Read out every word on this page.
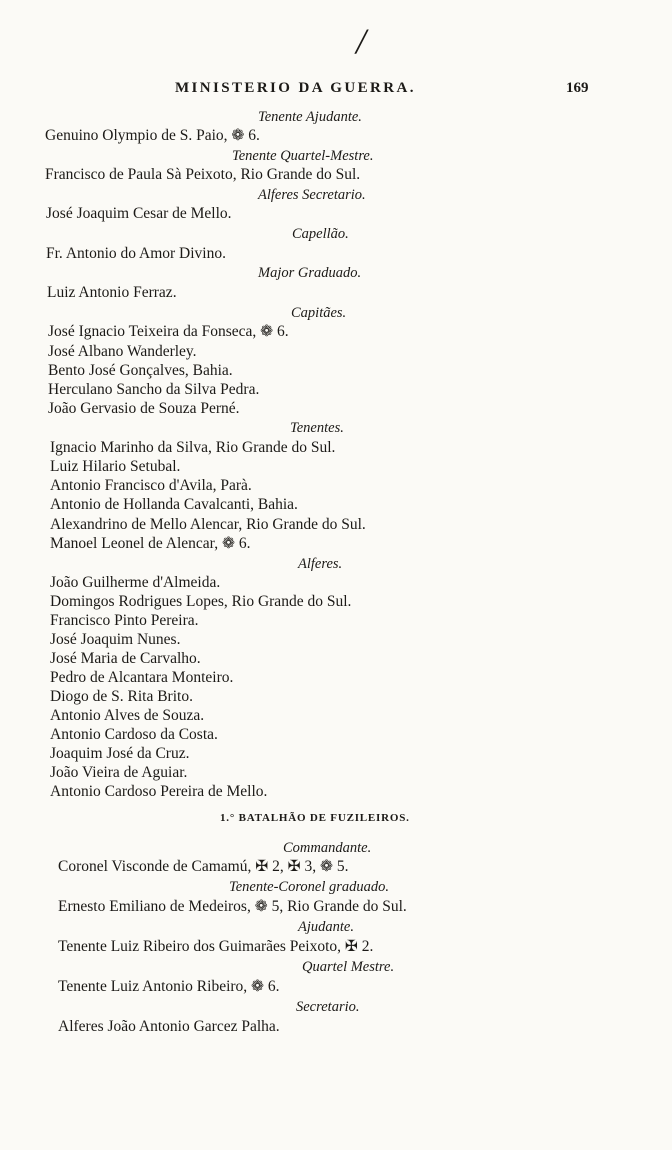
/
MINISTERIO DA GUERRA.	169
Tenente Ajudante.
Genuino Olympio de S. Paio, ❁ 6.
Tenente Quartel-Mestre.
Francisco de Paula Sà Peixoto, Rio Grande do Sul.
Alferes Secretario.
José Joaquim Cesar de Mello.
Capellão.
Fr. Antonio do Amor Divino.
Major Graduado.
Luiz Antonio Ferraz.
Capitães.
José Ignacio Teixeira da Fonseca, ❁ 6.
José Albano Wanderley.
Bento José Gonçalves, Bahia.
Herculano Sancho da Silva Pedra.
João Gervasio de Souza Perné.
Tenentes.
Ignacio Marinho da Silva, Rio Grande do Sul.
Luiz Hilario Setubal.
Antonio Francisco d'Avila, Parà.
Antonio de Hollanda Cavalcanti, Bahia.
Alexandrino de Mello Alencar, Rio Grande do Sul.
Manoel Leonel de Alencar, ❁ 6.
Alferes.
João Guilherme d'Almeida.
Domingos Rodrigues Lopes, Rio Grande do Sul.
Francisco Pinto Pereira.
José Joaquim Nunes.
José Maria de Carvalho.
Pedro de Alcantara Monteiro.
Diogo de S. Rita Brito.
Antonio Alves de Souza.
Antonio Cardoso da Costa.
Joaquim José da Cruz.
João Vieira de Aguiar.
Antonio Cardoso Pereira de Mello.
1.° BATALHÃO DE FUZILEIROS.
Commandante.
Coronel Visconde de Camamú, ✠ 2, ✠ 3, ❁ 5.
Tenente-Coronel graduado.
Ernesto Emiliano de Medeiros, ❁ 5, Rio Grande do Sul.
Ajudante.
Tenente Luiz Ribeiro dos Guimarães Peixoto, ✠ 2.
Quartel Mestre.
Tenente Luiz Antonio Ribeiro, ❁ 6.
Secretario.
Alferes João Antonio Garcez Palha.
